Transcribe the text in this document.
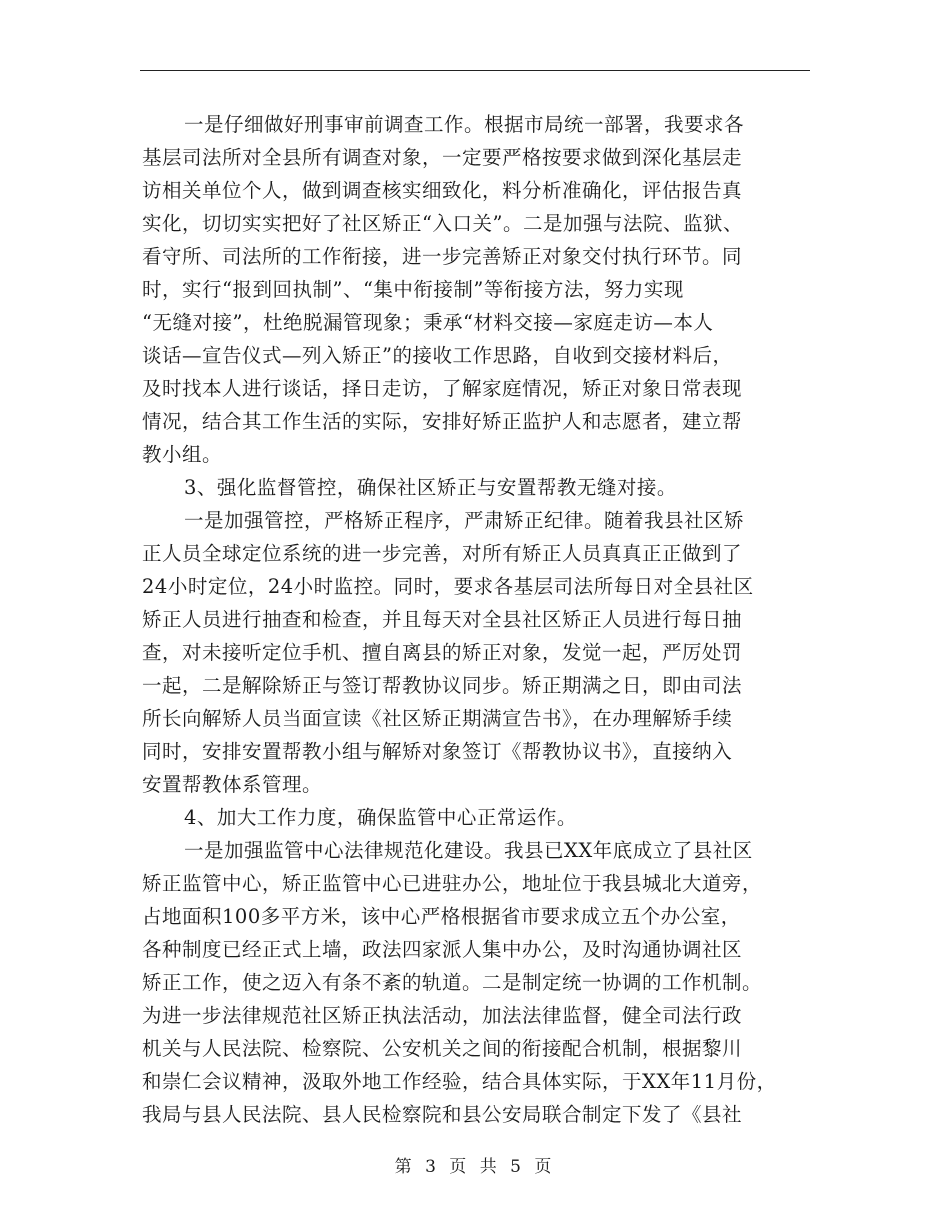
一是仔细做好刑事审前调查工作。根据市局统一部署，我要求各
基层司法所对全县所有调查对象，一定要严格按要求做到深化基层走
访相关单位个人，做到调查核实细致化，料分析准确化，评估报告真
实化，切切实实把好了社区矫正“入口关”。二是加强与法院、监狱、
看守所、司法所的工作衔接，进一步完善矫正对象交付执行环节。同
时，实行“报到回执制”、“集中衔接制”等衔接方法，努力实现
“无缝对接”，杜绝脱漏管现象；秉承“材料交接—家庭走访—本人
谈话—宣告仪式—列入矫正”的接收工作思路，自收到交接材料后，
及时找本人进行谈话，择日走访，了解家庭情况，矫正对象日常表现
情况，结合其工作生活的实际，安排好矫正监护人和志愿者，建立帮
教小组。
3、强化监督管控，确保社区矫正与安置帮教无缝对接。
一是加强管控，严格矫正程序，严肃矫正纪律。随着我县社区矫
正人员全球定位系统的进一步完善，对所有矫正人员真真正正做到了
24小时定位，24小时监控。同时，要求各基层司法所每日对全县社区
矫正人员进行抽查和检查，并且每天对全县社区矫正人员进行每日抽
查，对未接听定位手机、擅自离县的矫正对象，发觉一起，严厉处罚
一起，二是解除矫正与签订帮教协议同步。矫正期满之日，即由司法
所长向解矫人员当面宣读《社区矫正期满宣告书》，在办理解矫手续
同时，安排安置帮教小组与解矫对象签订《帮教协议书》，直接纳入
安置帮教体系管理。
4、加大工作力度，确保监管中心正常运作。
一是加强监管中心法律规范化建设。我县已XX年底成立了县社区
矫正监管中心，矫正监管中心已进驻办公，地址位于我县城北大道旁，
占地面积100多平方米，该中心严格根据省市要求成立五个办公室，
各种制度已经正式上墙，政法四家派人集中办公，及时沟通协调社区
矫正工作，使之迈入有条不紊的轨道。二是制定统一协调的工作机制。
为进一步法律规范社区矫正执法活动，加法法律监督，健全司法行政
机关与人民法院、检察院、公安机关之间的衔接配合机制，根据黎川
和崇仁会议精神，汲取外地工作经验，结合具体实际，于XX年11月份，
我局与县人民法院、县人民检察院和县公安局联合制定下发了《县社
第 3 页 共 5 页
